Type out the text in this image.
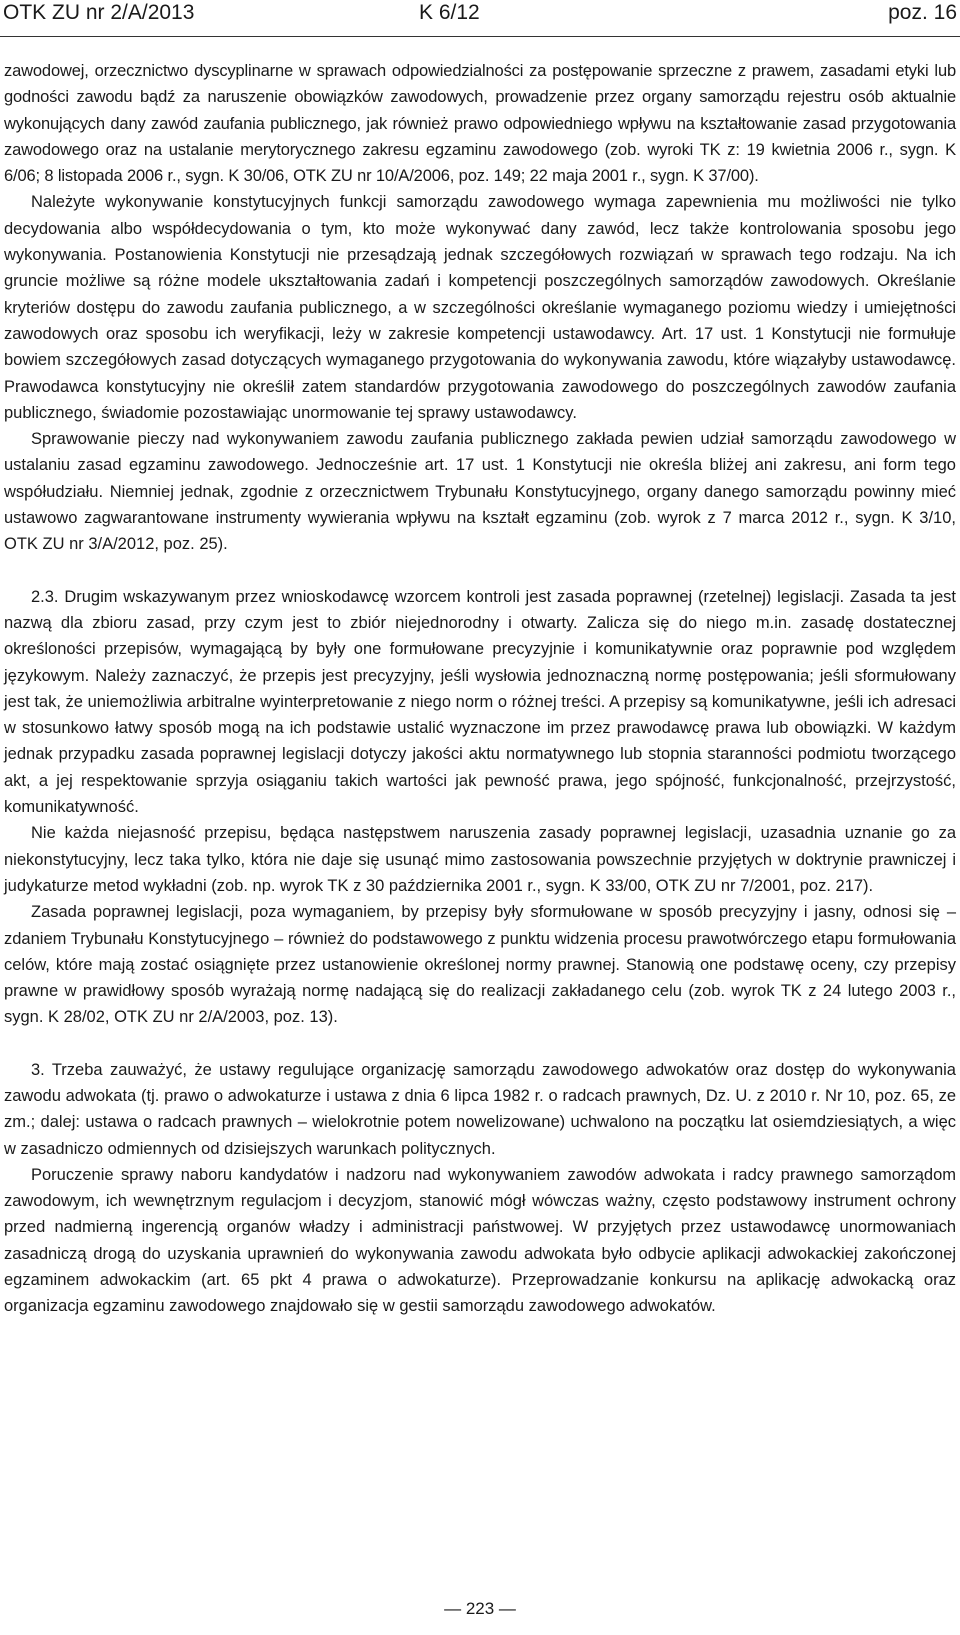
OTK ZU nr 2/A/2013	K 6/12	poz. 16

zawodowej, orzecznictwo dyscyplinarne w sprawach odpowiedzialności za postępowanie sprzeczne z prawem, zasadami etyki lub godności zawodu bądź za naruszenie obowiązków zawodowych, prowadzenie przez organy samorządu rejestru osób aktualnie wykonujących dany zawód zaufania publicznego, jak również prawo odpowiedniego wpływu na kształtowanie zasad przygotowania zawodowego oraz na ustalanie merytorycznego zakresu egzaminu zawodowego (zob. wyroki TK z: 19 kwietnia 2006 r., sygn. K 6/06; 8 listopada 2006 r., sygn. K 30/06, OTK ZU nr 10/A/2006, poz. 149; 22 maja 2001 r., sygn. K 37/00).

Należyte wykonywanie konstytucyjnych funkcji samorządu zawodowego wymaga zapewnienia mu możliwości nie tylko decydowania albo współdecydowania o tym, kto może wykonywać dany zawód, lecz także kontrolowania sposobu jego wykonywania. Postanowienia Konstytucji nie przesądzają jednak szczegółowych rozwiązań w sprawach tego rodzaju. Na ich gruncie możliwe są różne modele ukształtowania zadań i kompetencji poszczególnych samorządów zawodowych. Określanie kryteriów dostępu do zawodu zaufania publicznego, a w szczególności określanie wymaganego poziomu wiedzy i umiejętności zawodowych oraz sposobu ich weryfikacji, leży w zakresie kompetencji ustawodawcy. Art. 17 ust. 1 Konstytucji nie formułuje bowiem szczegółowych zasad dotyczących wymaganego przygotowania do wykonywania zawodu, które wiązałyby ustawodawcę. Prawodawca konstytucyjny nie określił zatem standardów przygotowania zawodowego do poszczególnych zawodów zaufania publicznego, świadomie pozostawiając unormowanie tej sprawy ustawodawcy.

Sprawowanie pieczy nad wykonywaniem zawodu zaufania publicznego zakłada pewien udział samorządu zawodowego w ustalaniu zasad egzaminu zawodowego. Jednocześnie art. 17 ust. 1 Konstytucji nie określa bliżej ani zakresu, ani form tego współudziału. Niemniej jednak, zgodnie z orzecznictwem Trybunału Konstytucyjnego, organy danego samorządu powinny mieć ustawowo zagwarantowane instrumenty wywierania wpływu na kształt egzaminu (zob. wyrok z 7 marca 2012 r., sygn. K 3/10, OTK ZU nr 3/A/2012, poz. 25).

2.3. Drugim wskazywanym przez wnioskodawcę wzorcem kontroli jest zasada poprawnej (rzetelnej) legislacji. Zasada ta jest nazwą dla zbioru zasad, przy czym jest to zbiór niejednorodny i otwarty. Zalicza się do niego m.in. zasadę dostatecznej określoności przepisów, wymagającą by były one formułowane precyzyjnie i komunikatywnie oraz poprawnie pod względem językowym. Należy zaznaczyć, że przepis jest precyzyjny, jeśli wysłowia jednoznaczną normę postępowania; jeśli sformułowany jest tak, że uniemożliwia arbitralne wyinterpretowanie z niego norm o różnej treści. A przepisy są komunikatywne, jeśli ich adresaci w stosunkowo łatwy sposób mogą na ich podstawie ustalić wyznaczone im przez prawodawcę prawa lub obowiązki. W każdym jednak przypadku zasada poprawnej legislacji dotyczy jakości aktu normatywnego lub stopnia staranności podmiotu tworzącego akt, a jej respektowanie sprzyja osiąganiu takich wartości jak pewność prawa, jego spójność, funkcjonalność, przejrzystość, komunikatywność.

Nie każda niejasność przepisu, będąca następstwem naruszenia zasady poprawnej legislacji, uzasadnia uznanie go za niekonstytucyjny, lecz taka tylko, która nie daje się usunąć mimo zastosowania powszechnie przyjętych w doktrynie prawniczej i judykaturze metod wykładni (zob. np. wyrok TK z 30 października 2001 r., sygn. K 33/00, OTK ZU nr 7/2001, poz. 217).

Zasada poprawnej legislacji, poza wymaganiem, by przepisy były sformułowane w sposób precyzyjny i jasny, odnosi się – zdaniem Trybunału Konstytucyjnego – również do podstawowego z punktu widzenia procesu prawotwórczego etapu formułowania celów, które mają zostać osiągnięte przez ustanowienie określonej normy prawnej. Stanowią one podstawę oceny, czy przepisy prawne w prawidłowy sposób wyrażają normę nadającą się do realizacji zakładanego celu (zob. wyrok TK z 24 lutego 2003 r., sygn. K 28/02, OTK ZU nr 2/A/2003, poz. 13).

3. Trzeba zauważyć, że ustawy regulujące organizację samorządu zawodowego adwokatów oraz dostęp do wykonywania zawodu adwokata (tj. prawo o adwokaturze i ustawa z dnia 6 lipca 1982 r. o radcach prawnych, Dz. U. z 2010 r. Nr 10, poz. 65, ze zm.; dalej: ustawa o radcach prawnych – wielokrotnie potem nowelizowane) uchwalono na początku lat osiemdziesiątych, a więc w zasadniczo odmiennych od dzisiejszych warunkach politycznych.

Poruczenie sprawy naboru kandydatów i nadzoru nad wykonywaniem zawodów adwokata i radcy prawnego samorządom zawodowym, ich wewnętrznym regulacjom i decyzjom, stanowić mógł wówczas ważny, często podstawowy instrument ochrony przed nadmierną ingerencją organów władzy i administracji państwowej. W przyjętych przez ustawodawcę unormowaniach zasadniczą drogą do uzyskania uprawnień do wykonywania zawodu adwokata było odbycie aplikacji adwokackiej zakończonej egzaminem adwokackim (art. 65 pkt 4 prawa o adwokaturze). Przeprowadzanie konkursu na aplikację adwokacką oraz organizacja egzaminu zawodowego znajdowało się w gestii samorządu zawodowego adwokatów.

— 223 —
